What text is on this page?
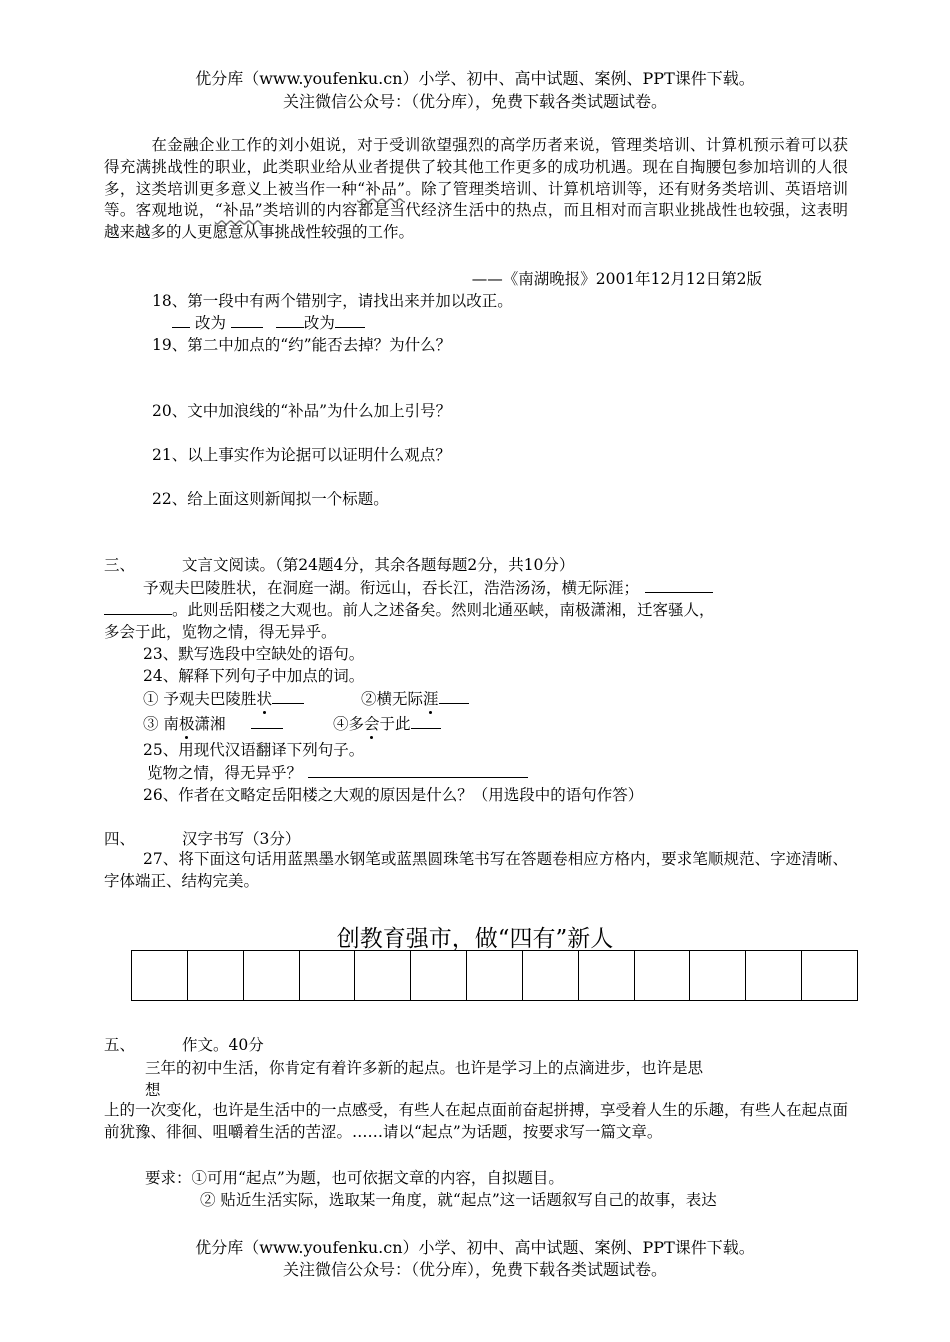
优分库（www.youfenku.cn）小学、初中、高中试题、案例、PPT课件下载。
关注微信公众号：（优分库），免费下载各类试题试卷。
在金融企业工作的刘小姐说，对于受训欲望强烈的高学历者来说，管理类培训、计算机预示着可以获得充满挑战性的职业，此类职业给从业者提供了较其他工作更多的成功机遇。现在自掏腰包参加培训的人很多，这类培训更多意义上被当作一种“补品”。除了管理类培训、计算机培训等，还有财务类培训、英语培训等。客观地说，“补品”类培训的内容都是当代经济生活中的热点，而且相对而言职业挑战性也较强，这表明越来越多的人更愿意从事挑战性较强的工作。
——《南湖晚报》2001年12月12日第2版
18、第一段中有两个错别字，请找出来并加以改正。
改为	改为
19、第二中加点的“约”能否去掉？为什么？
20、文中加浪线的“补品”为什么加上引号？
21、以上事实作为论据可以证明什么观点？
22、给上面这则新闻拟一个标题。
三、	文言文阅读。（第24题4分，其余各题每题2分，共10分）
予观夫巴陵胜状，在洞庭一湖。衔远山，吞长江，浩浩汤汤，横无际涯；
。此则岳阳楼之大观也。前人之述备矣。然则北通巫峡，南极潇湘，迁客骚人，
多会于此，览物之情，得无异乎。
23、默写选段中空缺处的语句。
24、解释下列句子中加点的词。
① 予观夫巴陵胜状	②横无际涯
③ 南极潇湘	④多会于此
25、用现代汉语翻译下列句子。
览物之情，得无异乎？
26、作者在文略定岳阳楼之大观的原因是什么？（用选段中的语句作答）
四、	汉字书写（3分）
27、将下面这句话用蓝黑墨水钢笔或蓝黑圆珠笔书写在答题卷相应方格内，要求笔顺规范、字迹清晰、字体端正、结构完美。
创教育强市，做“四有”新人
五、	作文。40分
三年的初中生活，你肯定有着许多新的起点。也许是学习上的点滴进步，也许是思
想
上的一次变化，也许是生活中的一点感受，有些人在起点面前奋起拼搏，享受着人生的乐趣，有些人在起点面前犹豫、徘徊、咀嚼着生活的苦涩。……请以“起点”为话题，按要求写一篇文章。
要求：①可用“起点”为题，也可依据文章的内容，自拟题目。
② 贴近生活实际，选取某一角度，就“起点”这一话题叙写自己的故事，表达
优分库（www.youfenku.cn）小学、初中、高中试题、案例、PPT课件下载。
关注微信公众号：（优分库），免费下载各类试题试卷。
